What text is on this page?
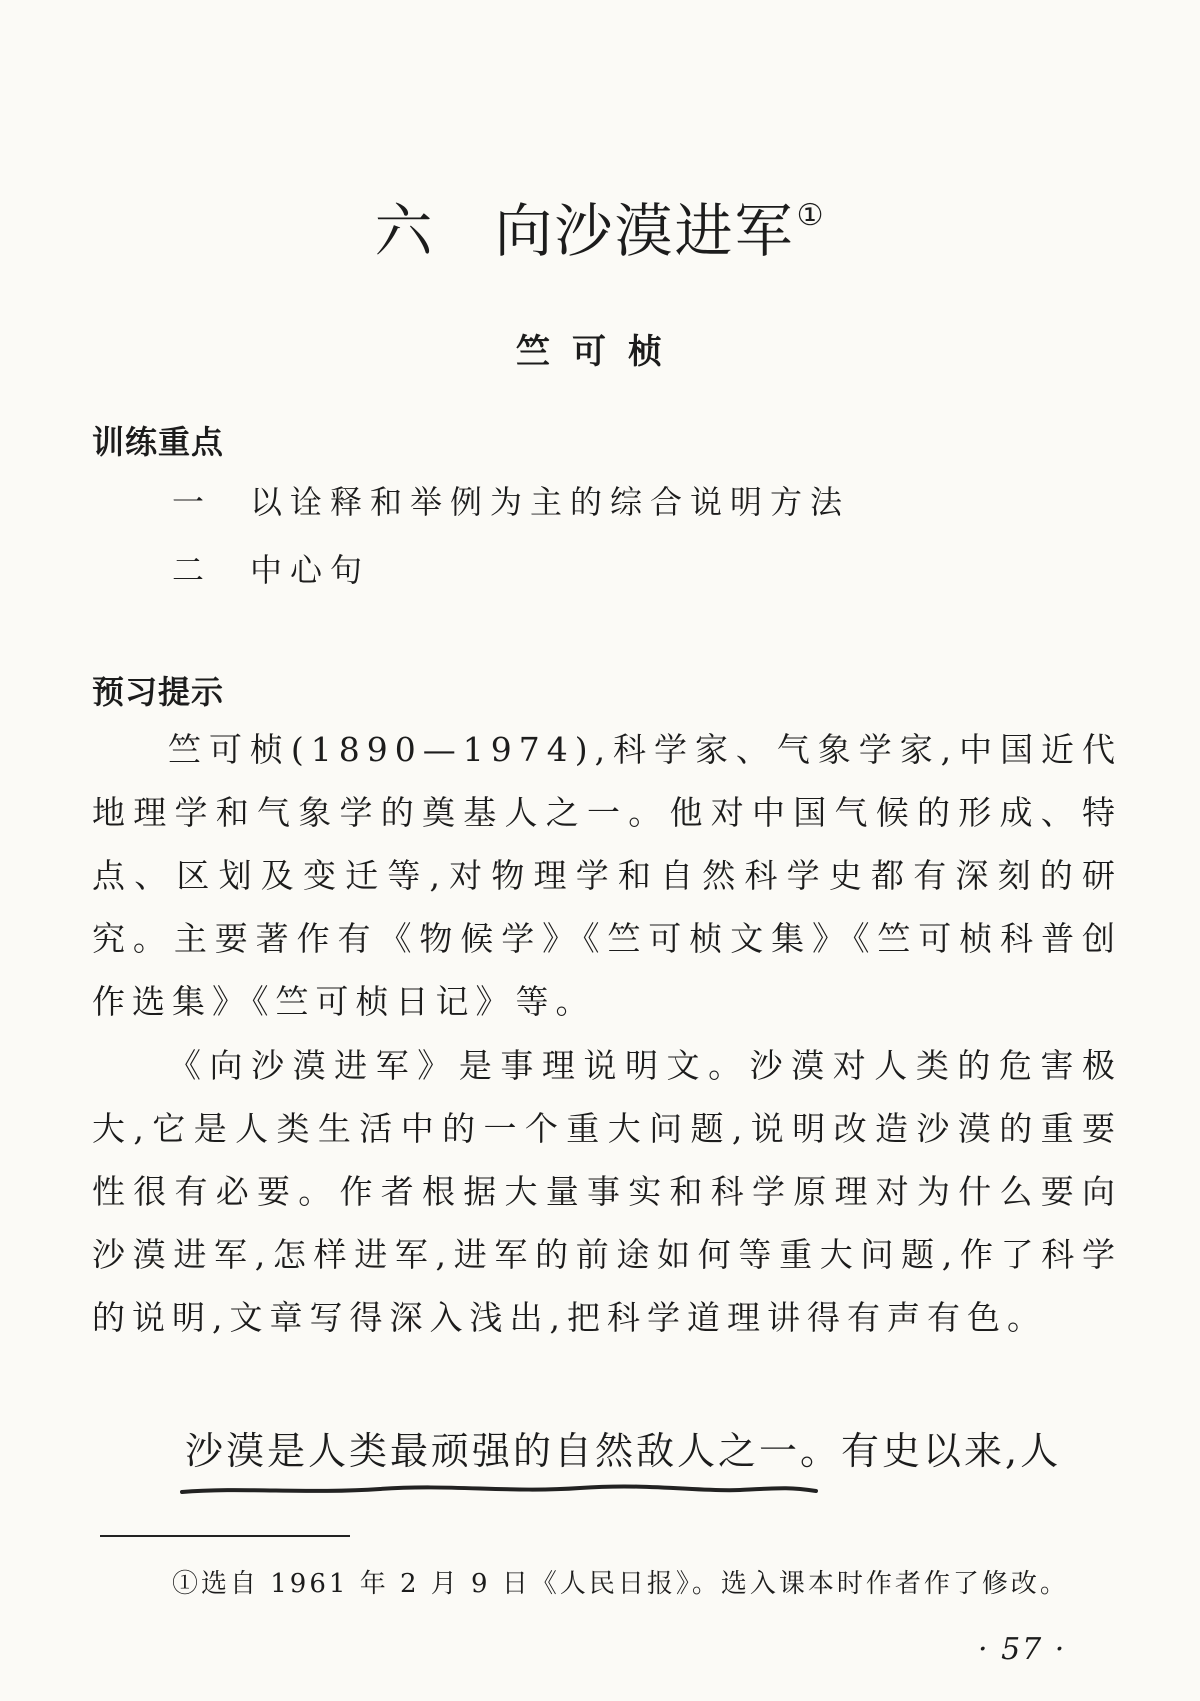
六 向沙漠进军①
竺可桢
训练重点
一 以诠释和举例为主的综合说明方法
二 中心句
预习提示

竺可桢(1890—1974),科学家、气象学家,中国近代地理学和气象学的奠基人之一。他对中国气候的形成、特点、区划及变迁等,对物理学和自然科学史都有深刻的研究。主要著作有《物候学》《竺可桢文集》《竺可桢科普创作选集》《竺可桢日记》等。

《向沙漠进军》是事理说明文。沙漠对人类的危害极大,它是人类生活中的一个重大问题,说明改造沙漠的重要性很有必要。作者根据大量事实和科学原理对为什么要向沙漠进军,怎样进军,进军的前途如何等重大问题,作了科学的说明,文章写得深入浅出,把科学道理讲得有声有色。

沙漠是人类最顽强的自然敌人之一。有史以来,人
①选自 1961 年 2 月 9 日《人民日报》。选入课本时作者作了修改。
· 57 ·
